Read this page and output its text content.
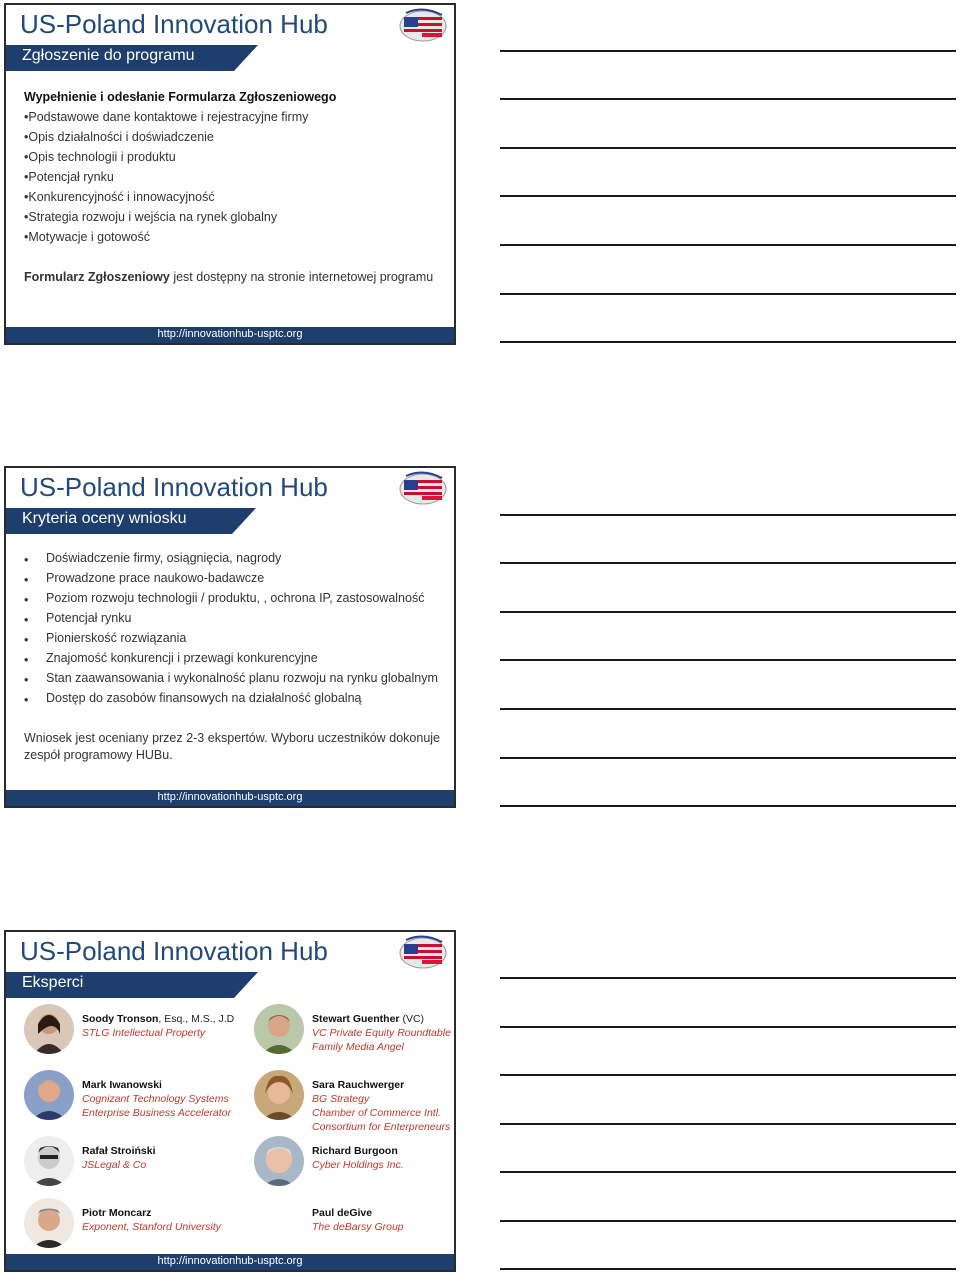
US-Poland Innovation Hub
Zgłoszenie do programu
Wypełnienie i odesłanie Formularza Zgłoszeniowego
•Podstawowe dane kontaktowe i rejestracyjne firmy
•Opis działalności i doświadczenie
•Opis technologii i produktu
•Potencjał rynku
•Konkurencyjność i innowacyjność
•Strategia rozwoju i wejścia na rynek globalny
•Motywacje i gotowość
Formularz Zgłoszeniowy jest dostępny na stronie internetowej programu
http://innovationhub-usptc.org
US-Poland Innovation Hub
Kryteria oceny wniosku
•	Doświadczenie firmy, osiągnięcia, nagrody
•	Prowadzone prace naukowo-badawcze
•	Poziom rozwoju technologii / produktu, , ochrona IP, zastosowalność
•	Potencjał rynku
•	Pionierskość rozwiązania
•	Znajomość konkurencji i przewagi konkurencyjne
•	Stan zaawansowania i wykonalność planu rozwoju na rynku globalnym
•	Dostęp do zasobów finansowych na działalność globalną
Wniosek jest oceniany przez 2-3 ekspertów. Wyboru uczestników dokonuje zespół programowy HUBu.
http://innovationhub-usptc.org
US-Poland Innovation Hub
Eksperci
Soody Tronson, Esq., M.S., J.D
STLG Intellectual Property
Stewart Guenther (VC)
VC Private Equity Roundtable
Family Media Angel
Mark Iwanowski
Cognizant Technology Systems
Enterprise Business Accelerator
Sara Rauchwerger
BG Strategy
Chamber of Commerce Intl.
Consortium for Enterpreneurs
Rafał Stroiński
JSLegal & Co
Richard Burgoon
Cyber Holdings Inc.
Piotr Moncarz
Exponent, Stanford University
Paul deGive
The deBarsy Group
http://innovationhub-usptc.org
